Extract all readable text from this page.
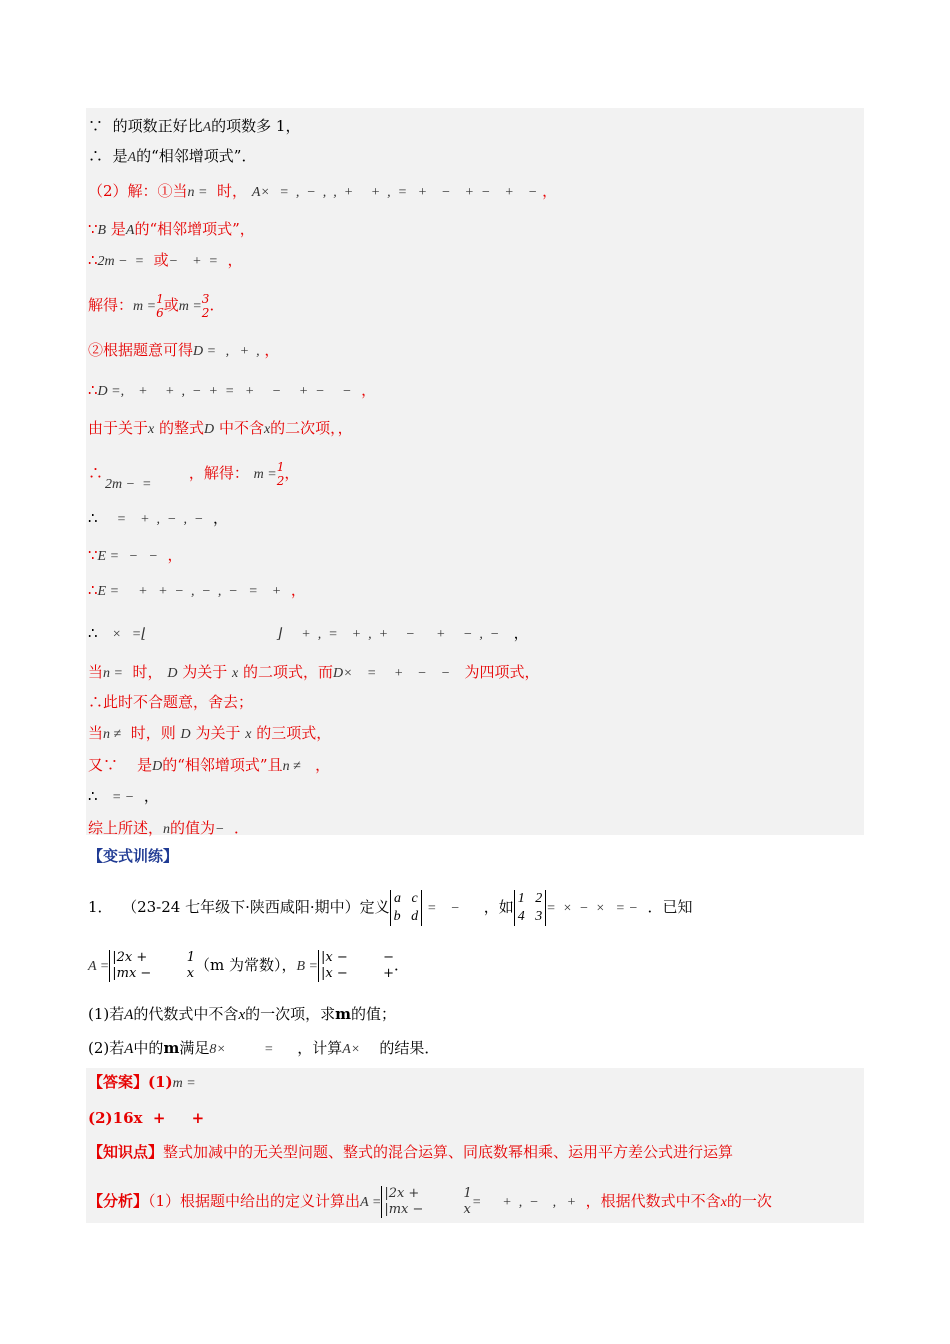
∵ 的项数正好比A的项数多 1，
∴ 是A的“相邻增项式”．
（2）解：①当n = 时， A× =  ,  −  ,  ,  +     +  ,  =   +    −    +  −    +    − ，
∵B 是A的“相邻增项式”，
∴2m −  = 或−    +  = ，
解得：m = 1
6 或m = 3
2 ．
②根据题意可得D = ,   +  , ，
∴D =,    +     +  ,  −  +  =   +     −     +  −     − ，
由于关于x 的整式D 中不含x的二次项，，
∴	，解得： m = 1
2 ，
2m −  =
∴ =    +  ,  −  ,  − ，
∵E = −   − ，
∴E = +   +  −  ,  −  ,  −   =    + ，
∴ ×   =⌊	⌋ +  ,  =    +  ,  +     −      +     −  ,  − ，
当n = 时， D 为关于 x 的二项式，而D× =     +    −    − 为四项式，
∴此时不合题意，舍去；
当n ≠ 时，则 D 为关于 x 的三项式，
又∵ 是D的“相邻增项式”且n ≠ ，
∴ = − ，
综上所述，n的值为− ．
【变式训练】
1． （23-24 七年级下·陕西咸阳·期中）定义 a c
b d
=    − ，如 1 2
4 3
=  ×  −  ×   = − ．已知
A =
|2x +
|mx −

1
x （m 为常数），B =
|x −
|x −

−
+ ．
(1)若A的代数式中不含x的一次项，求m的值；
(2)若A中的m满足8×	= ，计算A× 的结果．
【答案】(1)m =
(2)16x  +     +
【知识点】整式加减中的无关型问题、整式的混合运算、同底数幂相乘、运用平方差公式进行运算
【分析】（1）根据题中给出的定义计算出A =
|2x +
|mx −

1
x =      +  ,  −    ,   + ，根据代数式中不含x的一次
